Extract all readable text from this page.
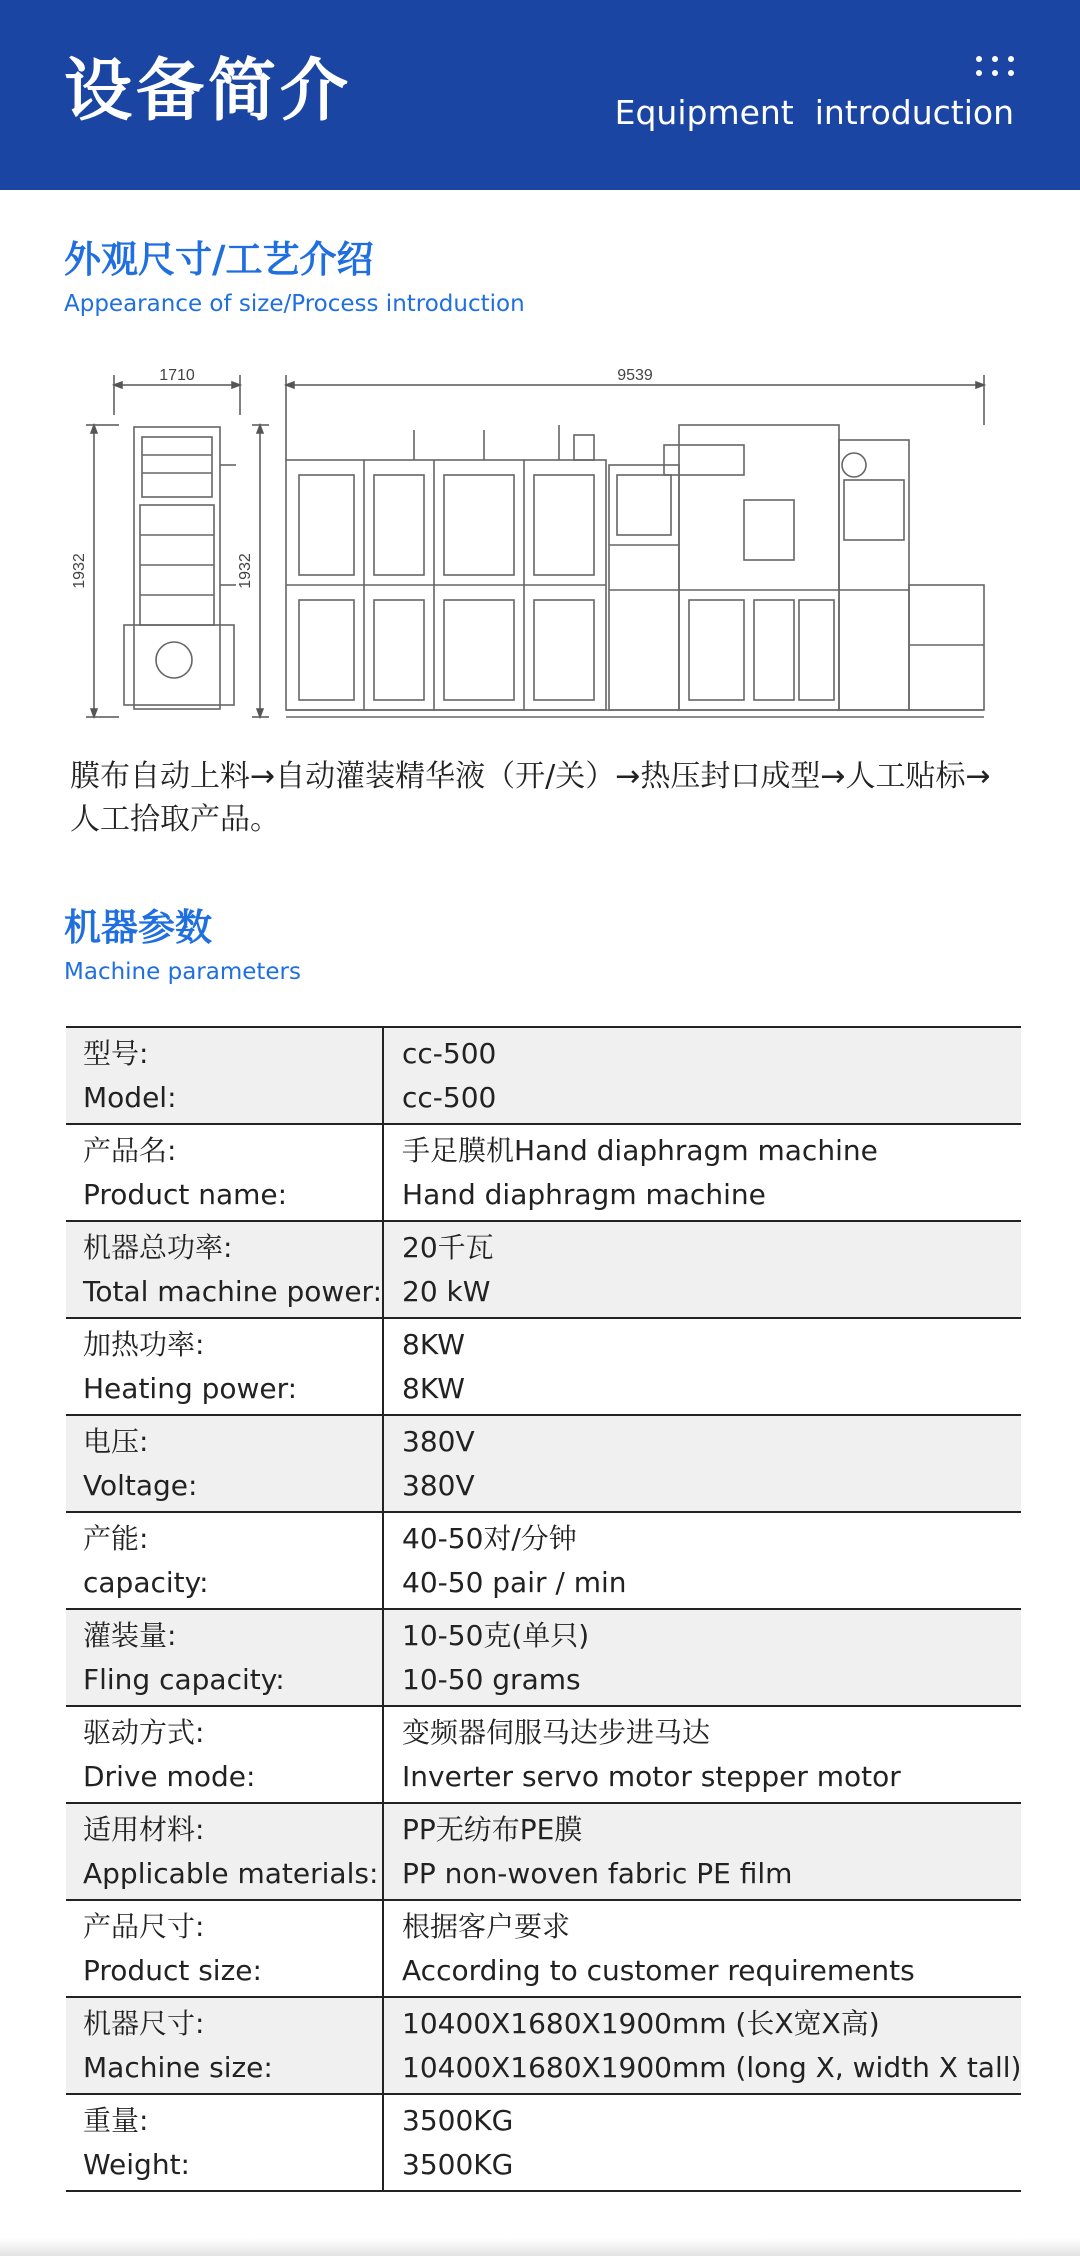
设备简介	Equipment  introduction
外观尺寸/工艺介绍
Appearance of size/Process introduction
1710	9539
1932	1932
膜布自动上料→自动灌装精华液（开/关）→热压封口成型→人工贴标→人工拾取产品。
机器参数
Machine parameters
型号:
Model:	cc-500
cc-500

产品名:
Product name:	手足膜机Hand diaphragm machine
Hand diaphragm machine

机器总功率:
Total machine power:	20千瓦
20 kW

加热功率:
Heating power:	8KW
8KW

电压:
Voltage:	380V
380V

产能:
capacity:	40-50对/分钟
40-50 pair / min

灌装量:
Fling capacity:	10-50克(单只)
10-50 grams

驱动方式:
Drive mode:	变频器伺服马达步进马达
Inverter servo motor stepper motor

适用材料:
Applicable materials:	PP无纺布PE膜
PP non-woven fabric PE film

产品尺寸:
Product size:	根据客户要求
According to customer requirements

机器尺寸:
Machine size:	10400X1680X1900mm (长X宽X高)
10400X1680X1900mm (long X, width X tall)

重量:
Weight:	3500KG
3500KG
